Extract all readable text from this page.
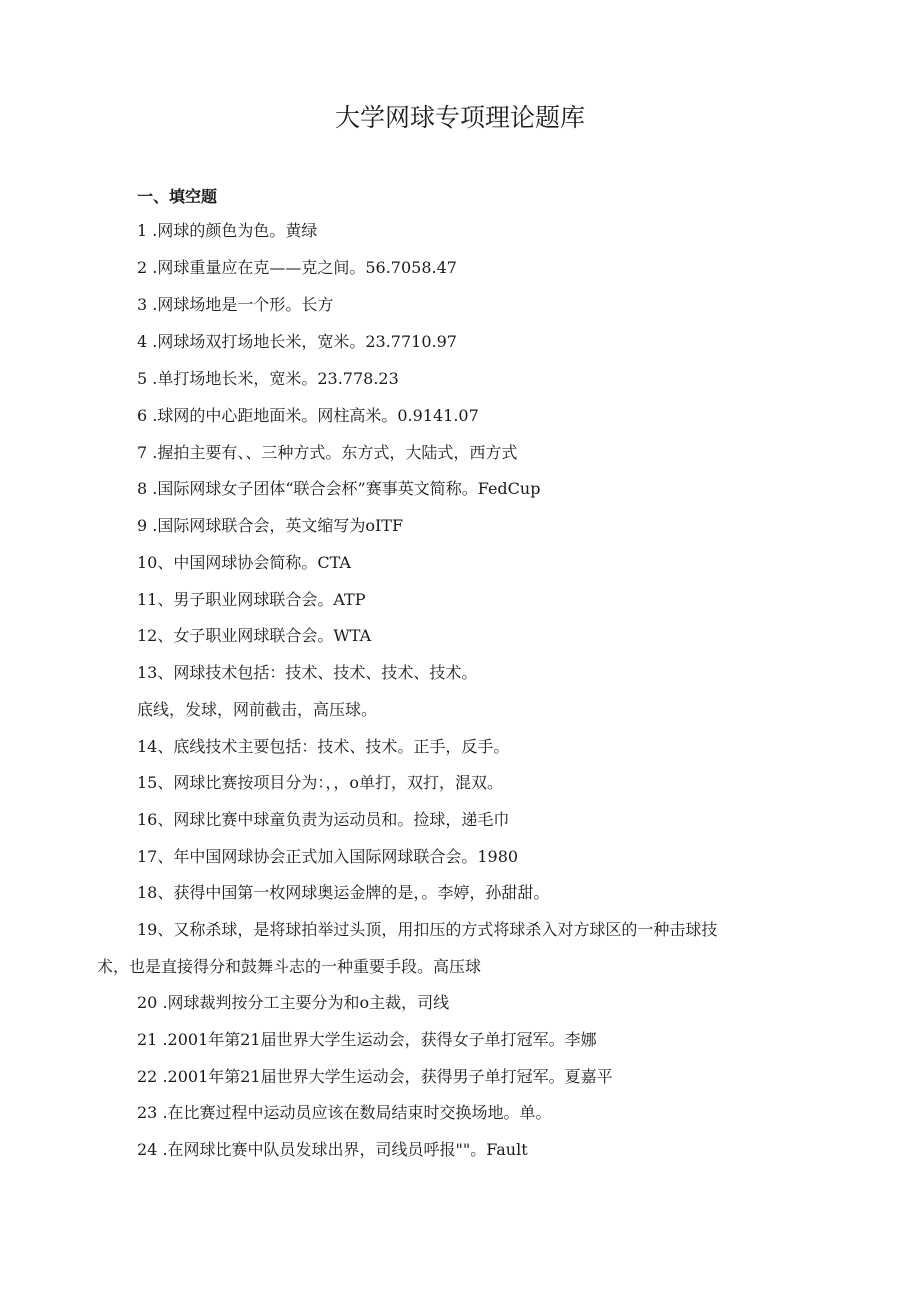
大学网球专项理论题库
一、填空题
1 .网球的颜色为色。黄绿
2 .网球重量应在克——克之间。56.7058.47
3 .网球场地是一个形。长方
4 .网球场双打场地长米，宽米。23.7710.97
5 .单打场地长米，宽米。23.778.23
6 .球网的中心距地面米。网柱高米。0.9141.07
7 .握拍主要有、、三种方式。东方式，大陆式，西方式
8 .国际网球女子团体“联合会杯”赛事英文简称。FedCup
9 .国际网球联合会，英文缩写为oITF
10、中国网球协会简称。CTA
11、男子职业网球联合会。ATP
12、女子职业网球联合会。WTA
13、网球技术包括：技术、技术、技术、技术。
底线，发球，网前截击，高压球。
14、底线技术主要包括：技术、技术。正手，反手。
15、网球比赛按项目分为：，，o单打，双打，混双。
16、网球比赛中球童负责为运动员和。捡球，递毛巾
17、年中国网球协会正式加入国际网球联合会。1980
18、获得中国第一枚网球奥运金牌的是，。李婷，孙甜甜。
19、又称杀球，是将球拍举过头顶，用扣压的方式将球杀入对方球区的一种击球技
术，也是直接得分和鼓舞斗志的一种重要手段。高压球
20 .网球裁判按分工主要分为和o主裁，司线
21 .2001年第21届世界大学生运动会，获得女子单打冠军。李娜
22 .2001年第21届世界大学生运动会，获得男子单打冠军。夏嘉平
23 .在比赛过程中运动员应该在数局结束时交换场地。单。
24 .在网球比赛中队员发球出界，司线员呼报""。Fault
